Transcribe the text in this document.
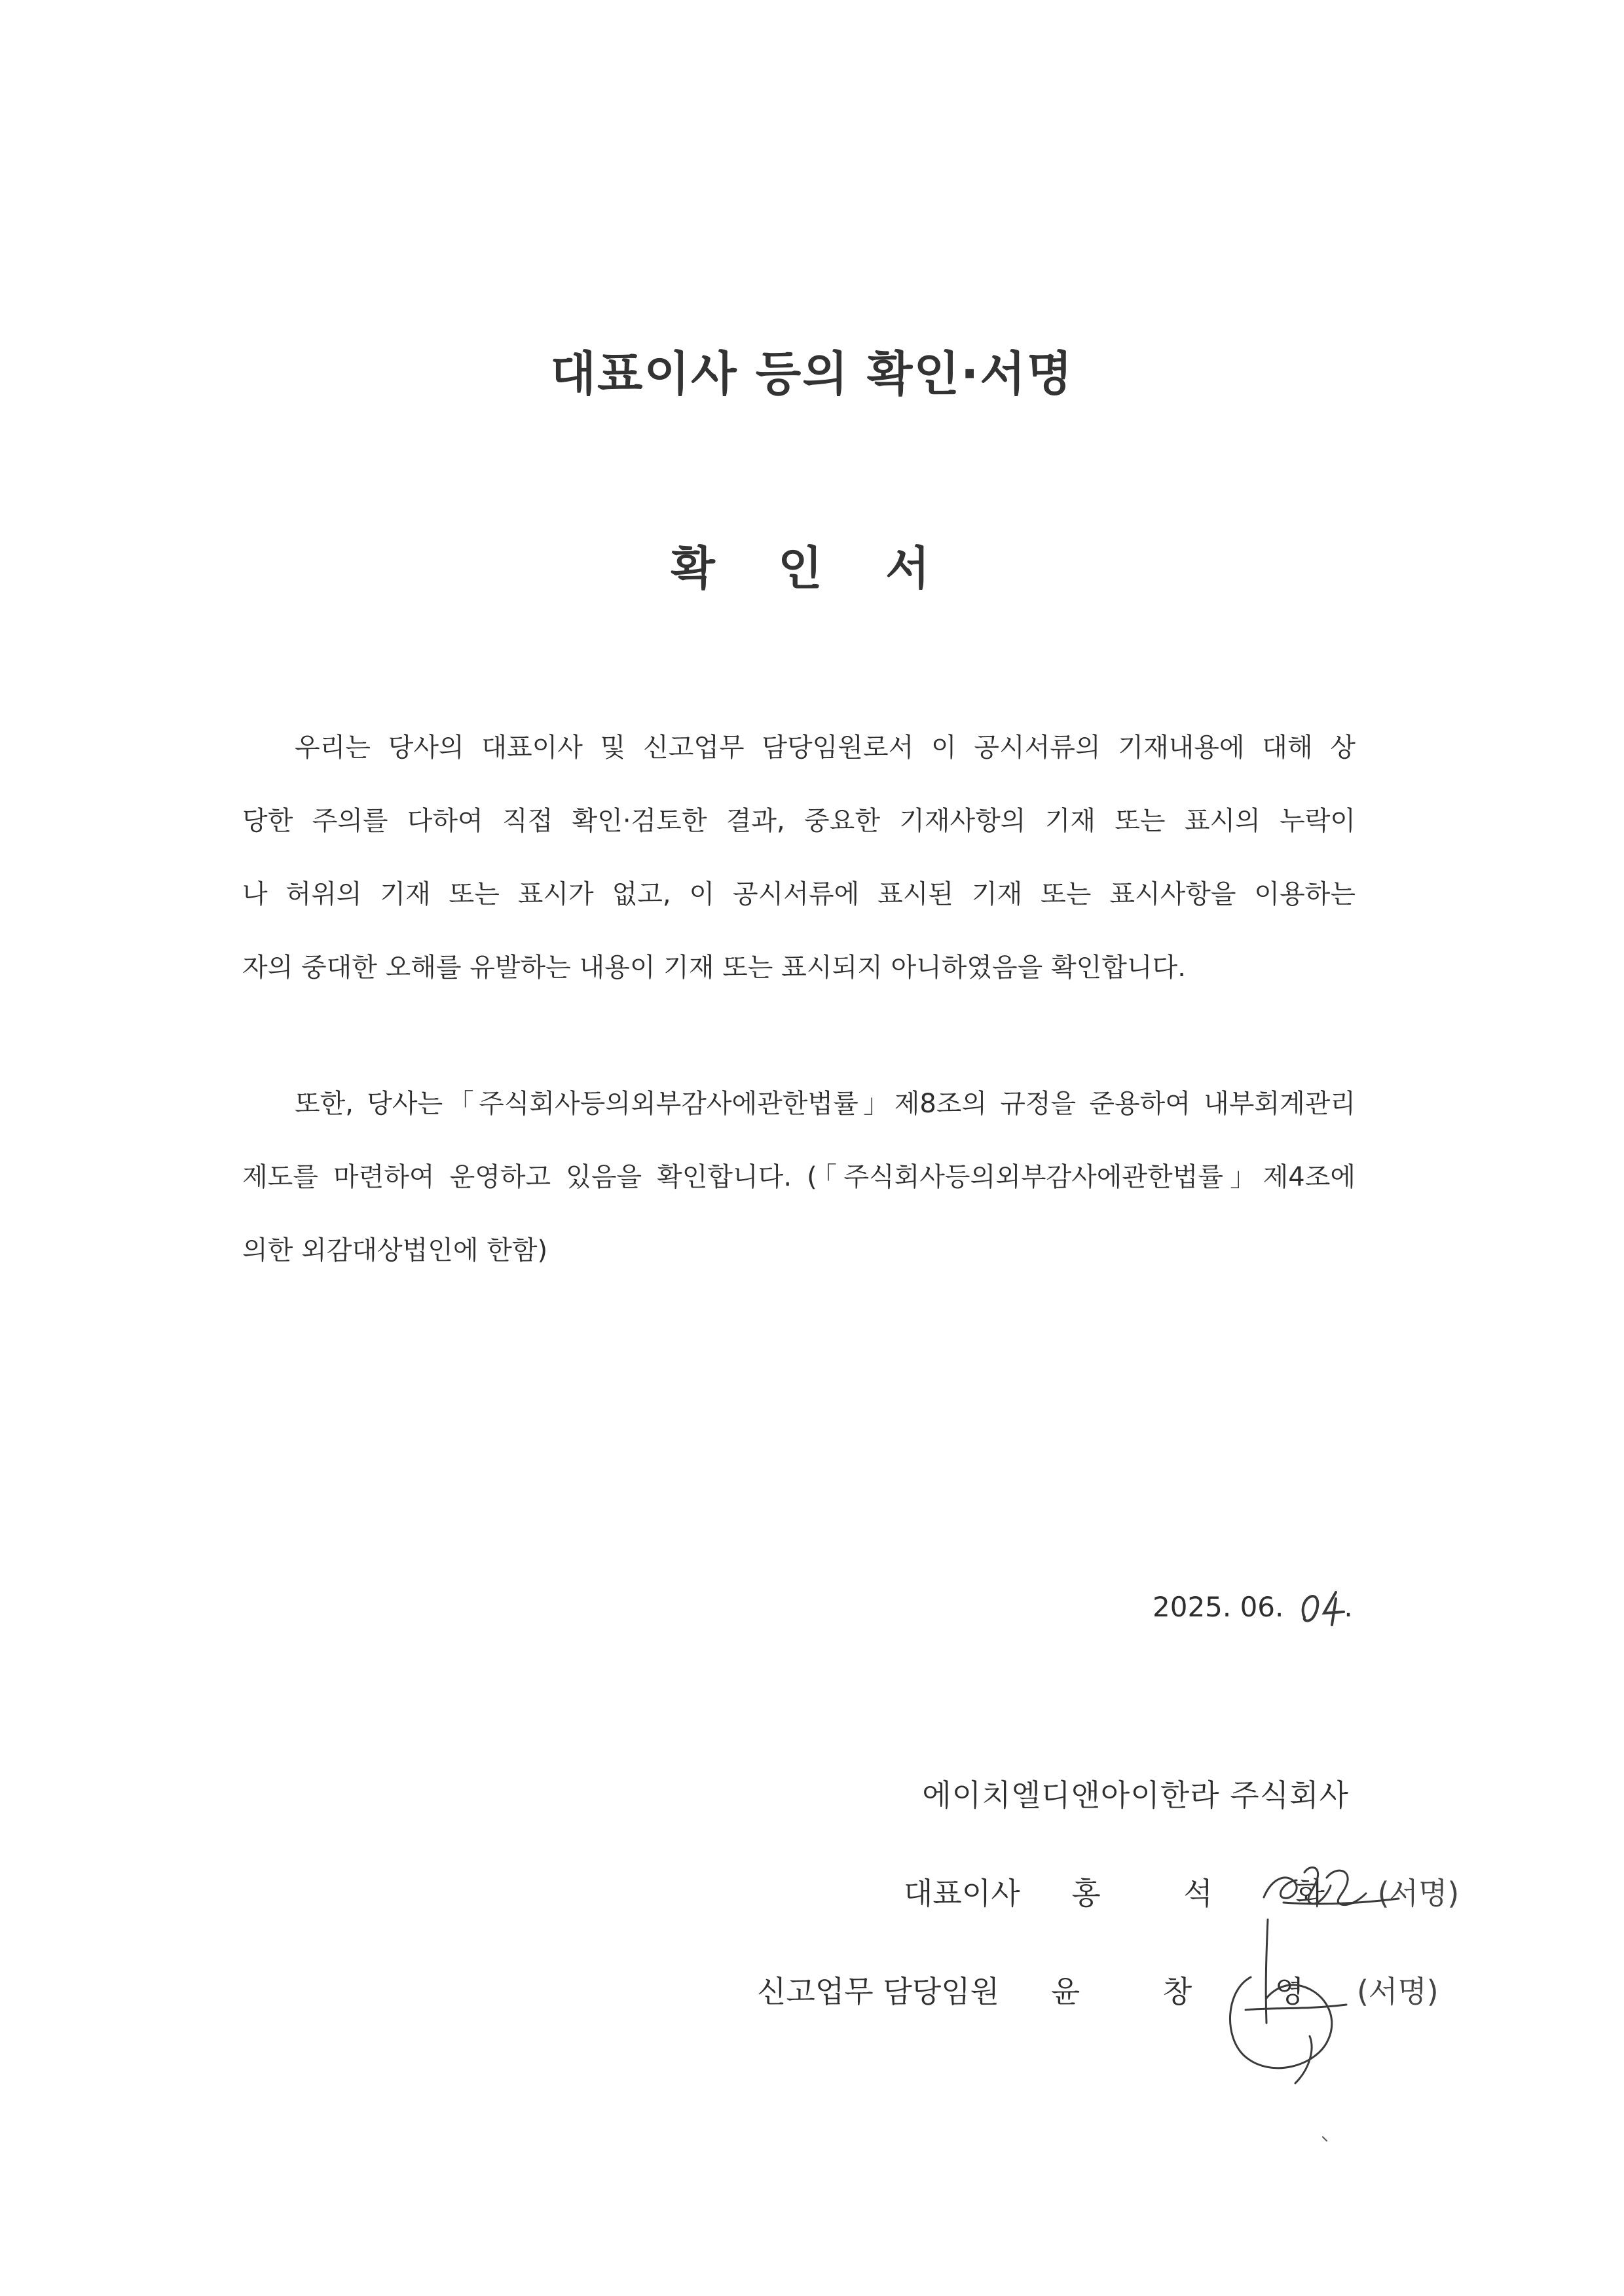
대표이사 등의 확인·서명
확 인 서
우리는 당사의 대표이사 및 신고업무 담당임원로서 이 공시서류의 기재내용에 대해 상
당한 주의를 다하여 직접 확인·검토한 결과, 중요한 기재사항의 기재 또는 표시의 누락이
나 허위의 기재 또는 표시가 없고, 이 공시서류에 표시된 기재 또는 표시사항을 이용하는
자의 중대한 오해를 유발하는 내용이 기재 또는 표시되지 아니하였음을 확인합니다.
또한, 당사는「주식회사등의외부감사에관한법률」제8조의 규정을 준용하여 내부회계관리
제도를 마련하여 운영하고 있음을 확인합니다. (「주식회사등의외부감사에관한법률」제4조에
의한 외감대상법인에 한함)
2025. 06. .
에이치엘디앤아이한라 주식회사
대표이사 홍 석 화 (서명)
신고업무 담당임원 윤 창 영 (서명)
